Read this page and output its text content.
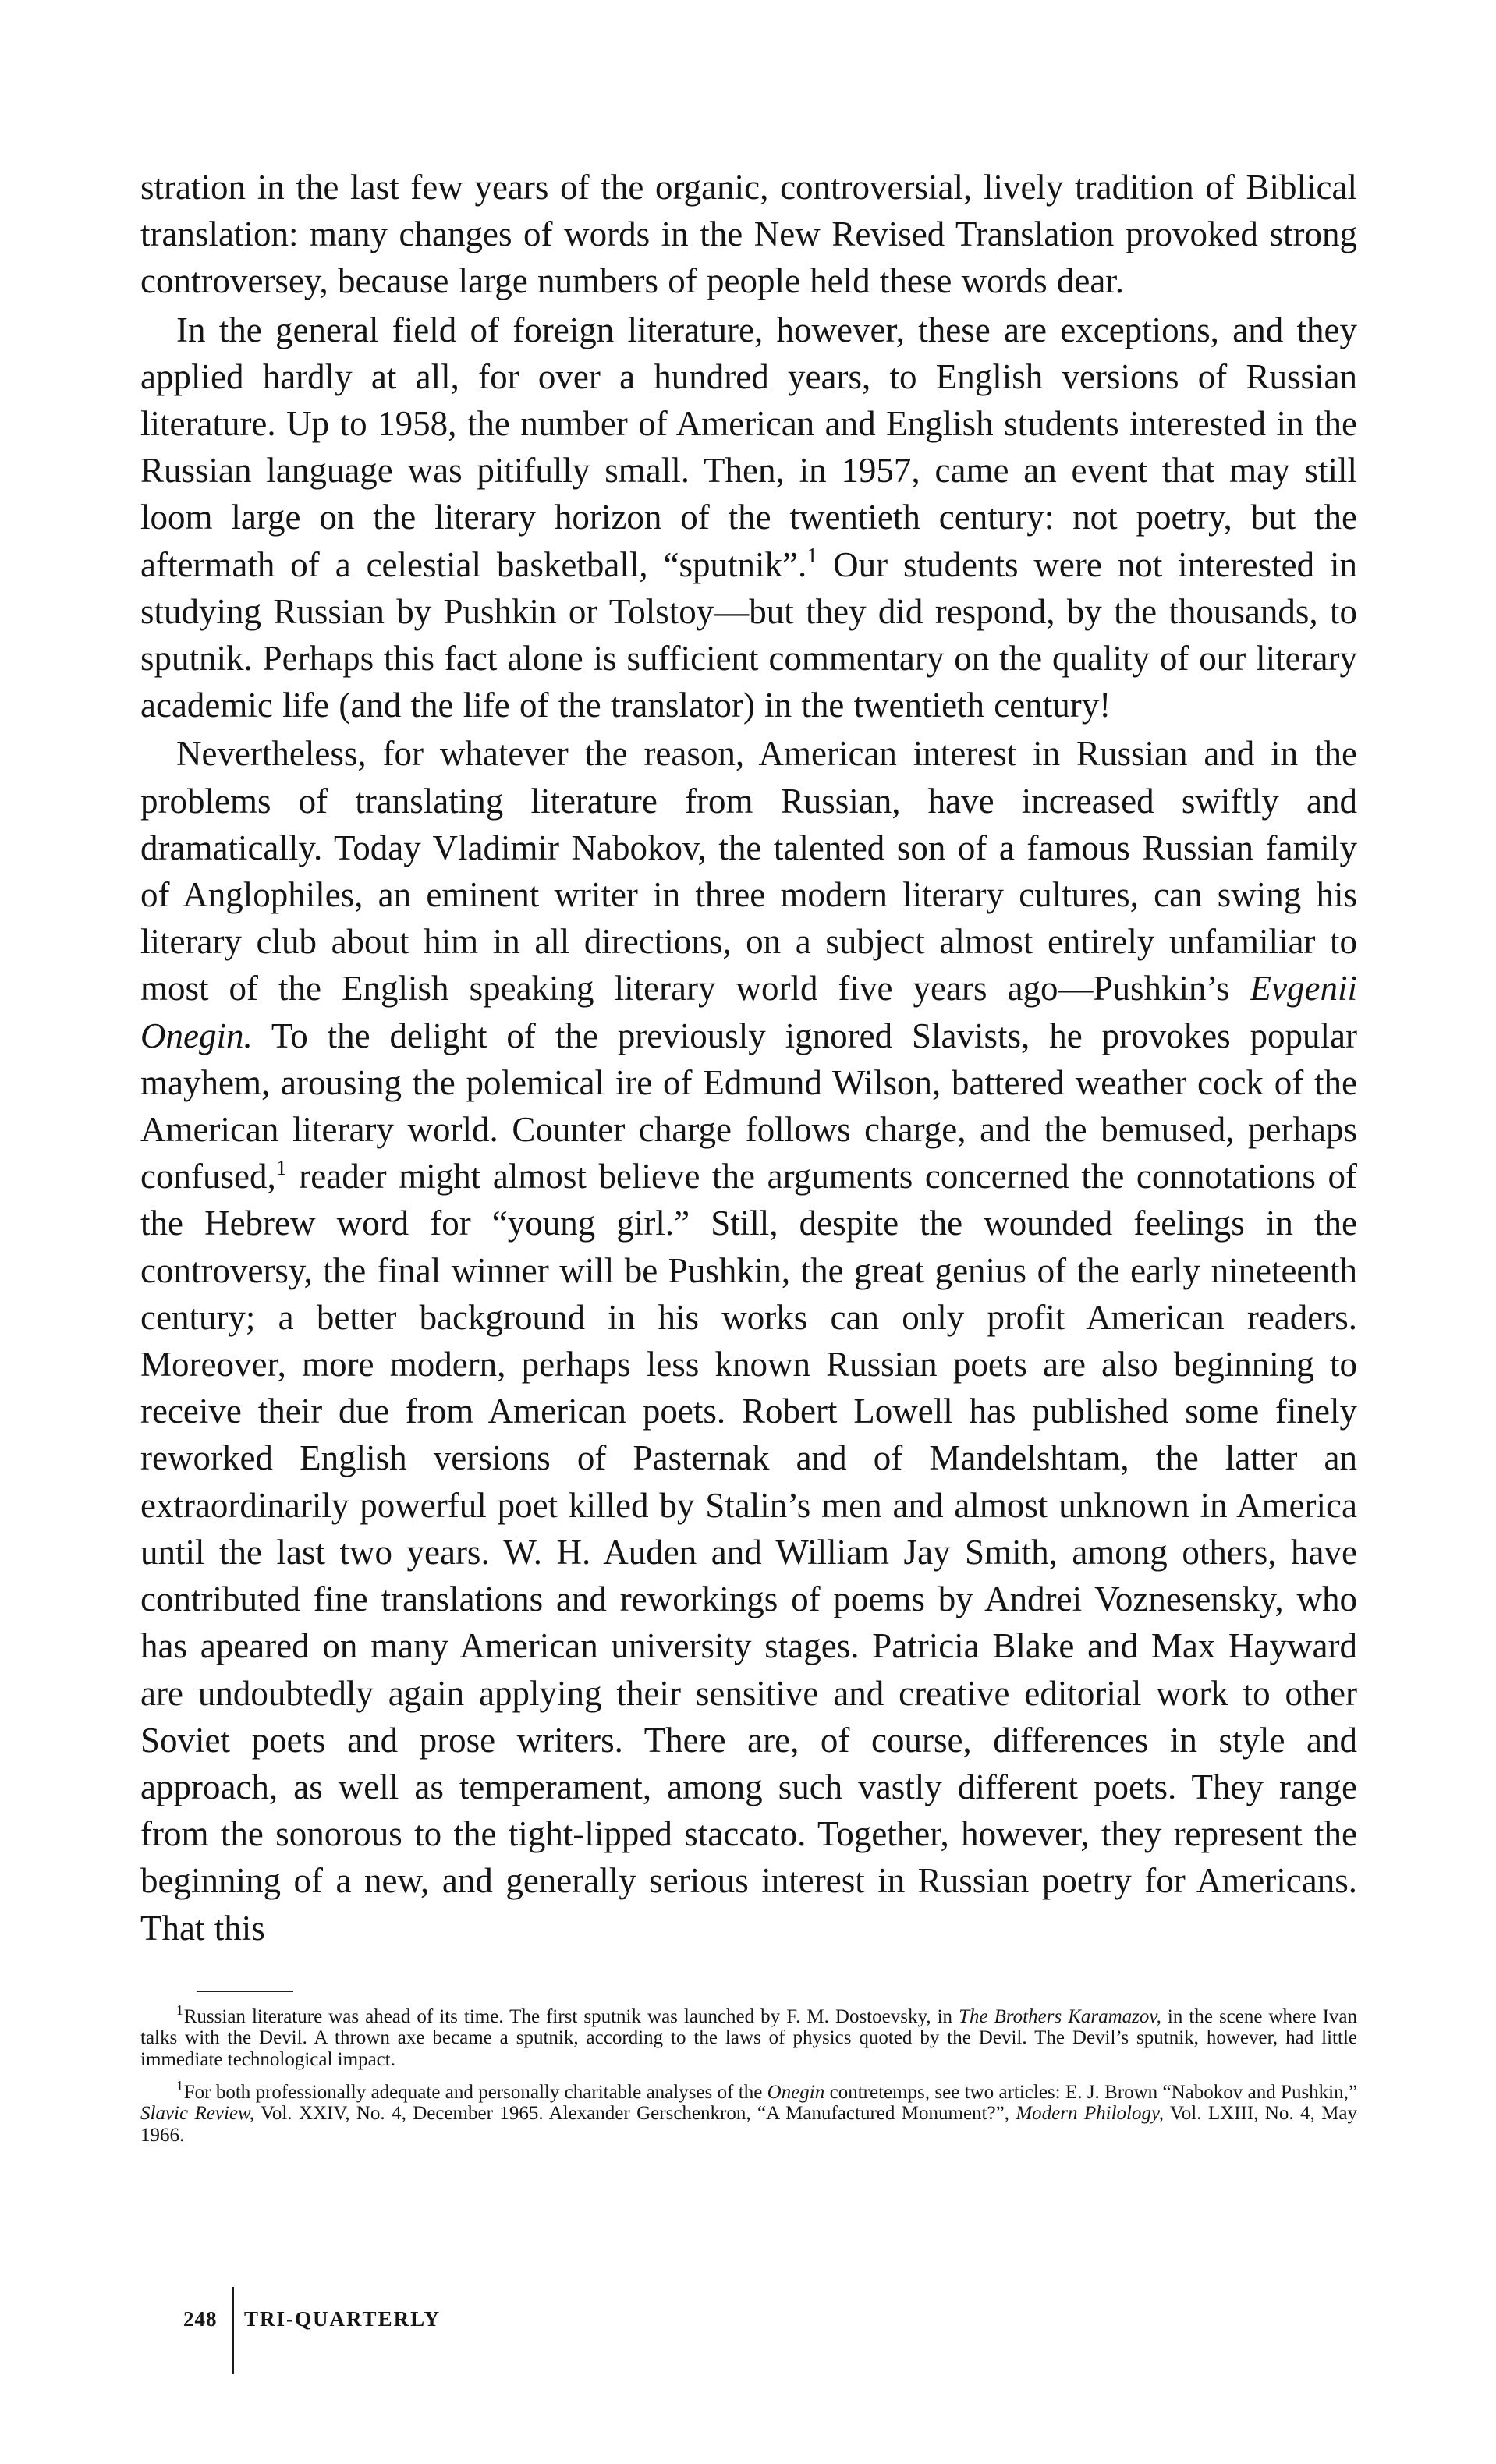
stration in the last few years of the organic, controversial, lively tradition of Biblical translation: many changes of words in the New Revised Translation provoked strong controversey, because large numbers of people held these words dear.

In the general field of foreign literature, however, these are exceptions, and they applied hardly at all, for over a hundred years, to English versions of Russian literature. Up to 1958, the number of American and English students interested in the Russian language was pitifully small. Then, in 1957, came an event that may still loom large on the literary horizon of the twentieth century: not poetry, but the aftermath of a celestial basketball, “sputnik”.$^1$ Our students were not interested in studying Russian by Pushkin or Tolstoy—but they did respond, by the thousands, to sputnik. Perhaps this fact alone is sufficient commentary on the quality of our literary academic life (and the life of the translator) in the twentieth century!

Nevertheless, for whatever the reason, American interest in Russian and in the problems of translating literature from Russian, have increased swiftly and dramatically. Today Vladimir Nabokov, the talented son of a famous Russian family of Anglophiles, an eminent writer in three modern literary cultures, can swing his literary club about him in all directions, on a subject almost entirely unfamiliar to most of the English speaking literary world five years ago—Pushkin’s Evgenii Onegin. To the delight of the previously ignored Slavists, he provokes popular mayhem, arousing the polemical ire of Edmund Wilson, battered weather cock of the American literary world. Counter charge follows charge, and the bemused, perhaps confused,$^1$ reader might almost believe the arguments concerned the connotations of the Hebrew word for “young girl.” Still, despite the wounded feelings in the controversy, the final winner will be Pushkin, the great genius of the early nineteenth century; a better background in his works can only profit American readers. Moreover, more modern, perhaps less known Russian poets are also beginning to receive their due from American poets. Robert Lowell has published some finely reworked English versions of Pasternak and of Mandelshtam, the latter an extraordinarily powerful poet killed by Stalin’s men and almost unknown in America until the last two years. W. H. Auden and William Jay Smith, among others, have contributed fine translations and reworkings of poems by Andrei Voznesensky, who has apeared on many American university stages. Patricia Blake and Max Hayward are undoubtedly again applying their sensitive and creative editorial work to other Soviet poets and prose writers. There are, of course, differences in style and approach, as well as temperament, among such vastly different poets. They range from the sonorous to the tight-lipped staccato. Together, however, they represent the beginning of a new, and generally serious interest in Russian poetry for Americans. That this

$^1$Russian literature was ahead of its time. The first sputnik was launched by F. M. Dostoevsky, in The Brothers Karamazov, in the scene where Ivan talks with the Devil. A thrown axe became a sputnik, according to the laws of physics quoted by the Devil. The Devil’s sputnik, however, had little immediate technological impact.

$^1$For both professionally adequate and personally charitable analyses of the Onegin contretemps, see two articles: E. J. Brown “Nabokov and Pushkin,” Slavic Review, Vol. XXIV, No. 4, December 1965. Alexander Gerschenkron, “A Manufactured Monument?”, Modern Philology, Vol. LXIII, No. 4, May 1966.

248 TRI-QUARTERLY
